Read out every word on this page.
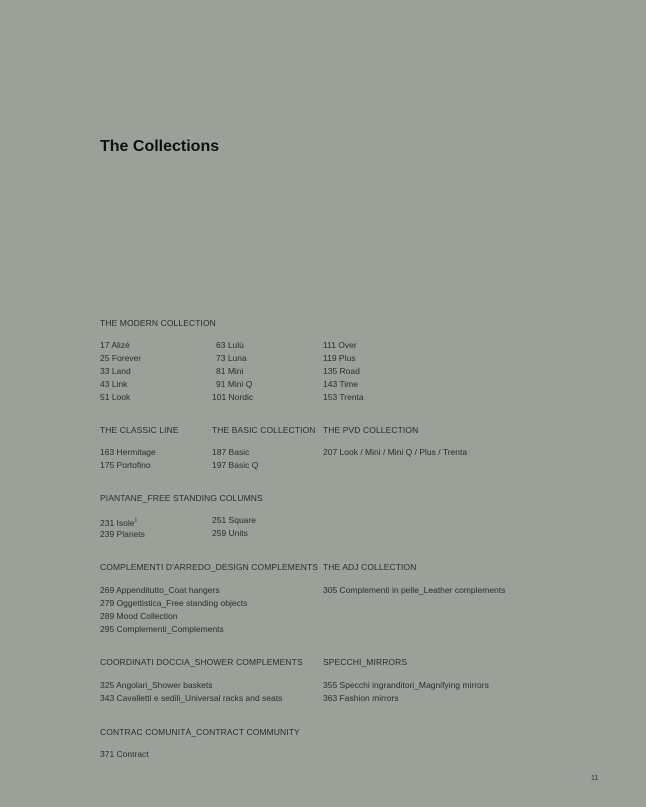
The Collections
THE MODERN COLLECTION
17 Alizé
25 Forever
33 Land
43 Link
51 Look
63 Lulù
73 Luna
81 Mini
91 Mini Q
101 Nordic
111 Over
119 Plus
135 Road
143 Time
153 Trenta
THE CLASSIC LINE
163 Hermitage
175 Portofino
THE BASIC COLLECTION
187 Basic
197 Basic Q
THE PVD COLLECTION
207 Look / Mini / Mini Q / Plus / Trenta
PIANTANE_FREE STANDING COLUMNS
231 Isole$^1$
239 Planets
251 Square
259 Units
COMPLEMENTI D'ARREDO_DESIGN COMPLEMENTS
269 Appenditutto_Coat hangers
279 Oggettistica_Free standing objects
289 Mood Collection
295 Complementi_Complements
THE ADJ COLLECTION
305 Complementi in pelle_Leather complements
COORDINATI DOCCIA_SHOWER COMPLEMENTS
325 Angolari_Shower baskets
343 Cavalletti e sedili_Universal racks and seats
SPECCHI_MIRRORS
355 Specchi ingranditori_Magnifying mirrors
363 Fashion mirrors
CONTRAC COMUNITÀ_CONTRACT COMMUNITY
371 Contract
11
